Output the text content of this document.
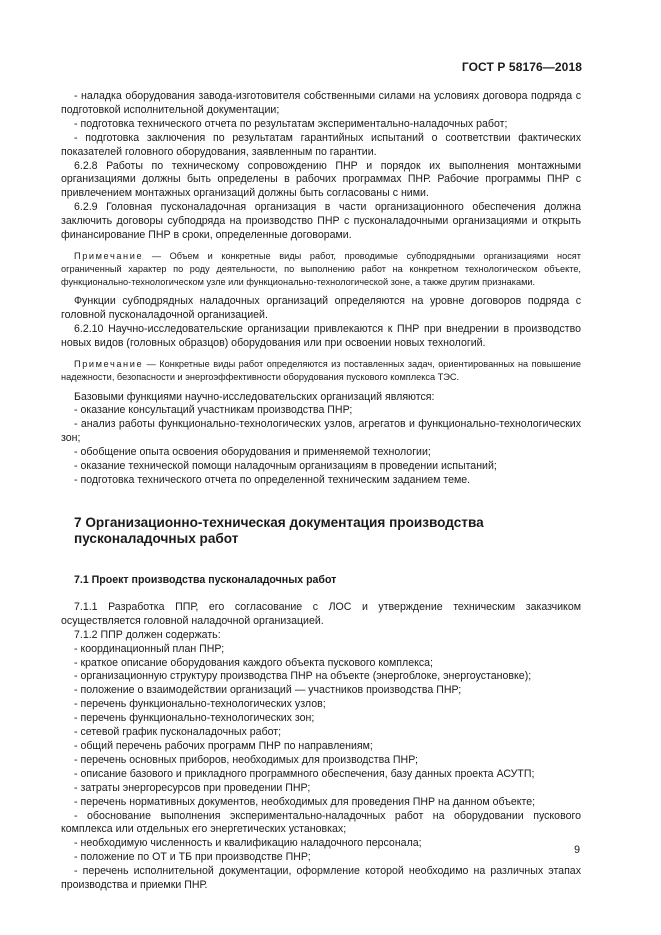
ГОСТ Р 58176—2018

- наладка оборудования завода-изготовителя собственными силами на условиях договора подряда с подготовкой исполнительной документации;

- подготовка технического отчета по результатам экспериментально-наладочных работ;

- подготовка заключения по результатам гарантийных испытаний о соответствии фактических показателей головного оборудования, заявленным по гарантии.

6.2.8 Работы по техническому сопровождению ПНР и порядок их выполнения монтажными организациями должны быть определены в рабочих программах ПНР. Рабочие программы ПНР с привлечением монтажных организаций должны быть согласованы с ними.

6.2.9 Головная пусконаладочная организация в части организационного обеспечения должна заключить договоры субподряда на производство ПНР с пусконаладочными организациями и открыть финансирование ПНР в сроки, определенные договорами.

Примечание — Объем и конкретные виды работ, проводимые субподрядными организациями носят ограниченный характер по роду деятельности, по выполнению работ на конкретном технологическом объекте, функционально-технологическом узле или функционально-технологической зоне, а также другим признаками.

Функции субподрядных наладочных организаций определяются на уровне договоров подряда с головной пусконаладочной организацией.

6.2.10 Научно-исследовательские организации привлекаются к ПНР при внедрении в производство новых видов (головных образцов) оборудования или при освоении новых технологий.

Примечание — Конкретные виды работ определяются из поставленных задач, ориентированных на повышение надежности, безопасности и энергоэффективности оборудования пускового комплекса ТЭС.

Базовыми функциями научно-исследовательских организаций являются:

- оказание консультаций участникам производства ПНР;

- анализ работы функционально-технологических узлов, агрегатов и функционально-технологических зон;

- обобщение опыта освоения оборудования и применяемой технологии;

- оказание технической помощи наладочным организациям в проведении испытаний;

- подготовка технического отчета по определенной техническим заданием теме.

7 Организационно-техническая документация производства пусконаладочных работ
7.1 Проект производства пусконаладочных работ

7.1.1 Разработка ППР, его согласование с ЛОС и утверждение техническим заказчиком осуществляется головной наладочной организацией.

7.1.2 ППР должен содержать:

- координационный план ПНР;

- краткое описание оборудования каждого объекта пускового комплекса;

- организационную структуру производства ПНР на объекте (энергоблоке, энергоустановке);

- положение о взаимодействии организаций — участников производства ПНР;

- перечень функционально-технологических узлов;

- перечень функционально-технологических зон;

- сетевой график пусконаладочных работ;

- общий перечень рабочих программ ПНР по направлениям;

- перечень основных приборов, необходимых для производства ПНР;

- описание базового и прикладного программного обеспечения, базу данных проекта АСУТП;

- затраты энергоресурсов при проведении ПНР;

- перечень нормативных документов, необходимых для проведения ПНР на данном объекте;

- обоснование выполнения экспериментально-наладочных работ на оборудовании пускового комплекса или отдельных его энергетических установках;

- необходимую численность и квалификацию наладочного персонала;

- положение по ОТ и ТБ при производстве ПНР;

- перечень исполнительной документации, оформление которой необходимо на различных этапах производства и приемки ПНР.

9
